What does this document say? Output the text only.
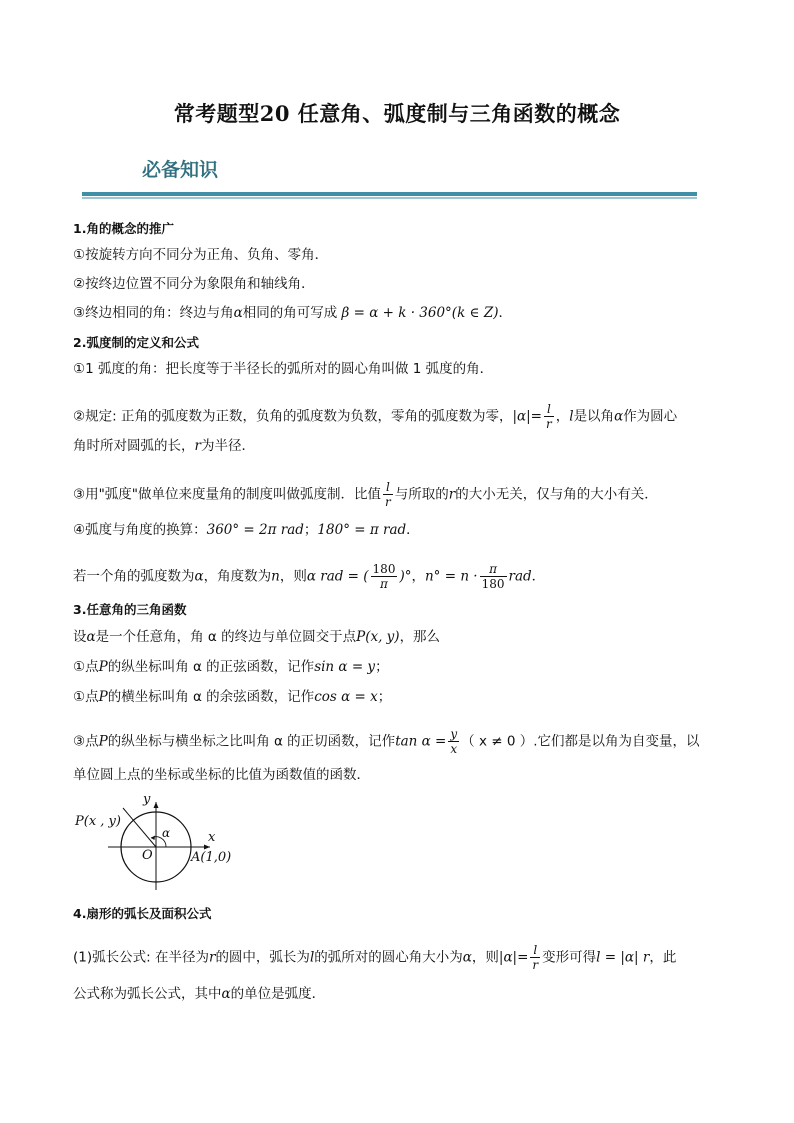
常考题型20 任意角、弧度制与三角函数的概念
必备知识
1.角的概念的推广
①按旋转方向不同分为正角、负角、零角．
②按终边位置不同分为象限角和轴线角．
③终边相同的角：终边与角α相同的角可写成 β = α + k · 360°(k ∈ Z)．
2.弧度制的定义和公式
①1 弧度的角：把长度等于半径长的弧所对的圆心角叫做 1 弧度的角．
②规定: 正角的弧度数为正数，负角的弧度数为负数，零角的弧度数为零，$|\alpha|= \frac{l}{r}$ ，l是以角α作为圆心
角时所对圆弧的长，r为半径．
③用"弧度"做单位来度量角的制度叫做弧度制．比值 $\frac{l}{r}$ 与所取的r的大小无关，仅与角的大小有关．
④弧度与角度的换算：360° = 2π rad；180° = π rad．
若一个角的弧度数为α，角度数为n，则α rad = ( $\frac{180}{\pi}$ )°，$n^\circ = n \cdot \frac{\pi}{180}$ rad．
3.任意角的三角函数
设α是一个任意角，角 α 的终边与单位圆交于点P(x, y)，那么
①点P的纵坐标叫角 α 的正弦函数，记作sin α = y；
①点P的横坐标叫角 α 的余弦函数，记作cos α = x；
③点P的纵坐标与横坐标之比叫角 α 的正切函数，记作$\tan \alpha = \frac{y}{x}$ （ x ≠ 0 ）.它们都是以角为自变量，以
单位圆上点的坐标或坐标的比值为函数值的函数．
P(x , y)
y
x
α
O	A(1,0)
4.扇形的弧长及面积公式
(1)弧长公式: 在半径为r的圆中，弧长为l的弧所对的圆心角大小为α，则$|\alpha|= \frac{l}{r}$ 变形可得l = |α| r，此
公式称为弧长公式，其中α的单位是弧度．
